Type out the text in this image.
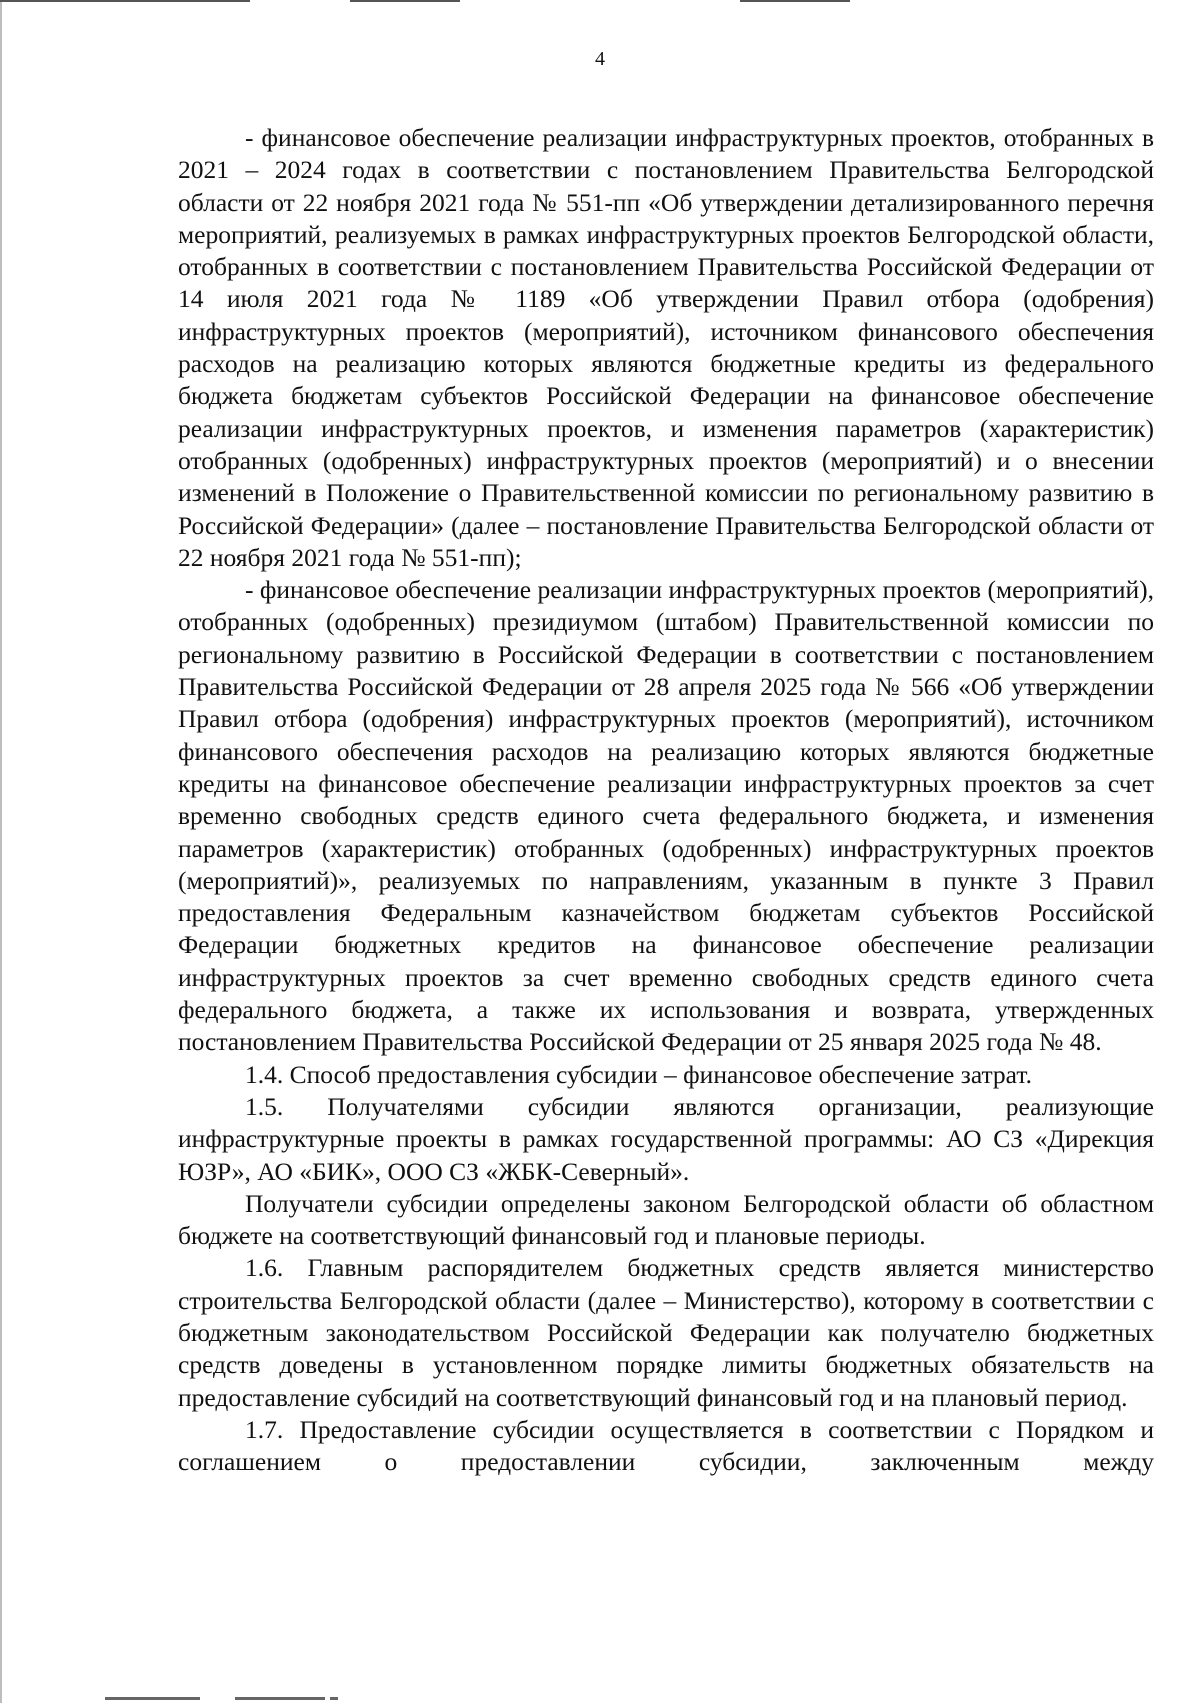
4

- финансовое обеспечение реализации инфраструктурных проектов, отобранных в 2021 – 2024 годах в соответствии с постановлением Правительства Белгородской области от 22 ноября 2021 года № 551-пп «Об утверждении детализированного перечня мероприятий, реализуемых в рамках инфраструктурных проектов Белгородской области, отобранных в соответствии с постановлением Правительства Российской Федерации от 14 июля 2021 года № 1189 «Об утверждении Правил отбора (одобрения) инфраструктурных проектов (мероприятий), источником финансового обеспечения расходов на реализацию которых являются бюджетные кредиты из федерального бюджета бюджетам субъектов Российской Федерации на финансовое обеспечение реализации инфраструктурных проектов, и изменения параметров (характеристик) отобранных (одобренных) инфраструктурных проектов (мероприятий) и о внесении изменений в Положение о Правительственной комиссии по региональному развитию в Российской Федерации» (далее – постановление Правительства Белгородской области от 22 ноября 2021 года № 551-пп);

- финансовое обеспечение реализации инфраструктурных проектов (мероприятий), отобранных (одобренных) президиумом (штабом) Правительственной комиссии по региональному развитию в Российской Федерации в соответствии с постановлением Правительства Российской Федерации от 28 апреля 2025 года № 566 «Об утверждении Правил отбора (одобрения) инфраструктурных проектов (мероприятий), источником финансового обеспечения расходов на реализацию которых являются бюджетные кредиты на финансовое обеспечение реализации инфраструктурных проектов за счет временно свободных средств единого счета федерального бюджета, и изменения параметров (характеристик) отобранных (одобренных) инфраструктурных проектов (мероприятий)», реализуемых по направлениям, указанным в пункте 3 Правил предоставления Федеральным казначейством бюджетам субъектов Российской Федерации бюджетных кредитов на финансовое обеспечение реализации инфраструктурных проектов за счет временно свободных средств единого счета федерального бюджета, а также их использования и возврата, утвержденных постановлением Правительства Российской Федерации от 25 января 2025 года № 48.

1.4. Способ предоставления субсидии – финансовое обеспечение затрат.

1.5. Получателями субсидии являются организации, реализующие инфраструктурные проекты в рамках государственной программы: АО СЗ «Дирекция ЮЗР», АО «БИК», ООО СЗ «ЖБК-Северный».

Получатели субсидии определены законом Белгородской области об областном бюджете на соответствующий финансовый год и плановые периоды.

1.6. Главным распорядителем бюджетных средств является министерство строительства Белгородской области (далее – Министерство), которому в соответствии с бюджетным законодательством Российской Федерации как получателю бюджетных средств доведены в установленном порядке лимиты бюджетных обязательств на предоставление субсидий на соответствующий финансовый год и на плановый период.

1.7. Предоставление субсидии осуществляется в соответствии с Порядком и соглашением о предоставлении субсидии, заключенным между
